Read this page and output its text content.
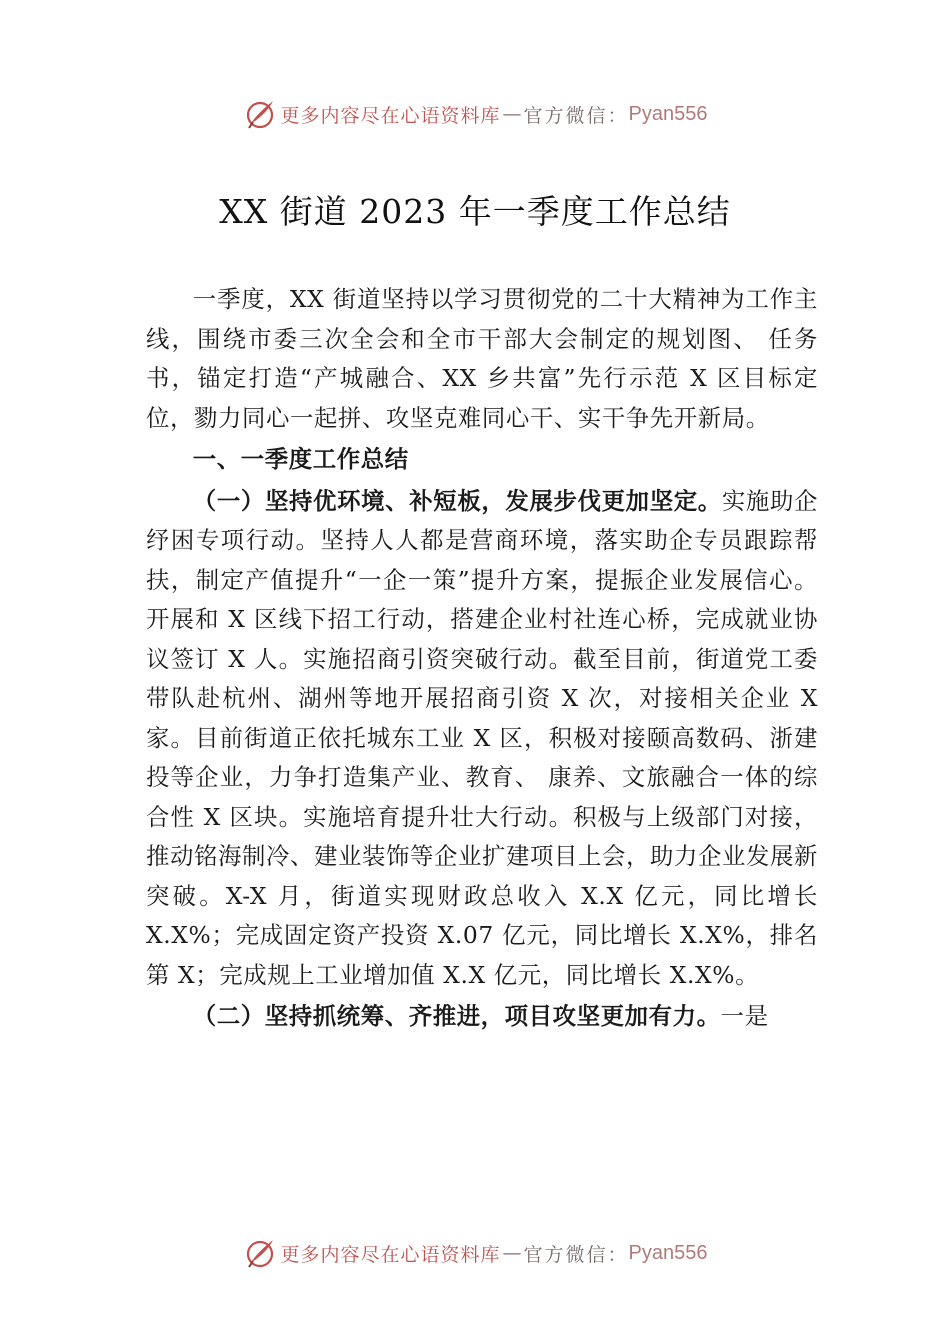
更多内容尽在心语资料库 — 官方微信： Pyan556
XX 街道 2023 年一季度工作总结

一季度，XX 街道坚持以学习贯彻党的二十大精神为工作主线，围绕市委三次全会和全市干部大会制定的规划图、 任务书，锚定打造“产城融合、XX 乡共富”先行示范 X 区目标定位，勠力同心一起拼、攻坚克难同心干、实干争先开新局。

一、一季度工作总结

（一）坚持优环境、补短板，发展步伐更加坚定。实施助企纾困专项行动。坚持人人都是营商环境，落实助企专员跟踪帮扶，制定产值提升“一企一策”提升方案，提振企业发展信心。开展和 X 区线下招工行动，搭建企业村社连心桥，完成就业协议签订 X 人。实施招商引资突破行动。截至目前，街道党工委带队赴杭州、湖州等地开展招商引资 X 次，对接相关企业 X 家。目前街道正依托城东工业 X 区，积极对接颐高数码、浙建投等企业，力争打造集产业、教育、 康养、文旅融合一体的综合性 X 区块。实施培育提升壮大行动。积极与上级部门对接，推动铭海制冷、建业装饰等企业扩建项目上会，助力企业发展新突破。X-X 月，街道实现财政总收入 X.X 亿元，同比增长 X.X%；完成固定资产投资 X.07 亿元，同比增长 X.X%，排名第 X；完成规上工业增加值 X.X 亿元，同比增长 X.X%。

（二）坚持抓统筹、齐推进，项目攻坚更加有力。一是

更多内容尽在心语资料库 — 官方微信： Pyan556
